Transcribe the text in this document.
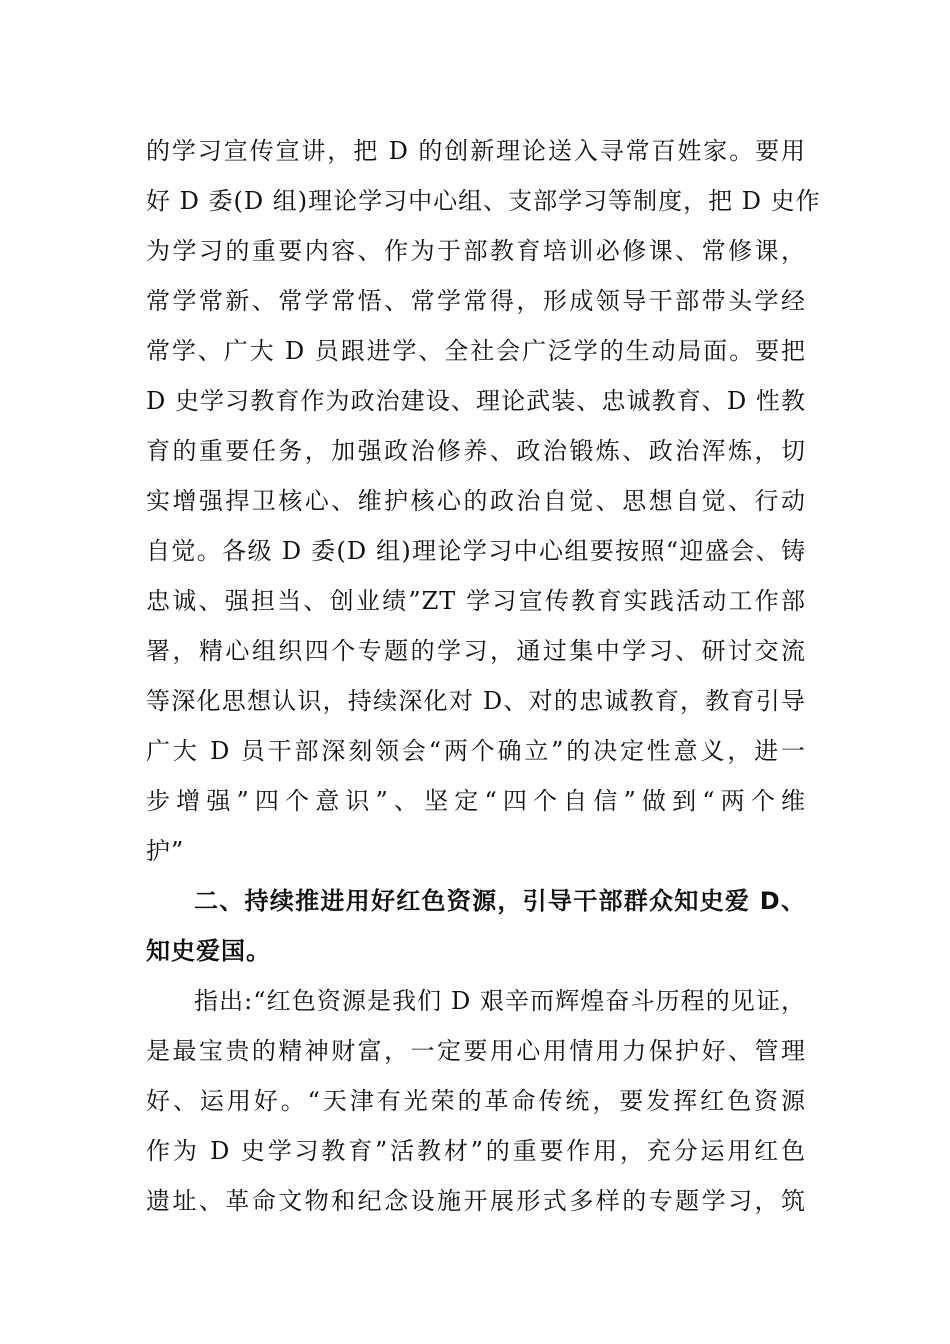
的学习宣传宣讲，把 D 的创新理论送入寻常百姓家。要用
好 D 委(D 组)理论学习中心组、支部学习等制度，把 D 史作
为学习的重要内容、作为于部教育培训必修课、常修课，
常学常新、常学常悟、常学常得，形成领导干部带头学经
常学、广大 D 员跟进学、全社会广泛学的生动局面。要把
D 史学习教育作为政治建设、理论武装、忠诚教育、D 性教
育的重要任务，加强政治修养、政治锻炼、政治浑炼，切
实增强捍卫核心、维护核心的政治自觉、思想自觉、行动
自觉。各级 D 委(D 组)理论学习中心组要按照“迎盛会、铸
忠诚、强担当、创业绩”ZT 学习宣传教育实践活动工作部
署，精心组织四个专题的学习，通过集中学习、研讨交流
等深化思想认识，持续深化对 D、对的忠诚教育，教育引导
广大 D 员干部深刻领会“两个确立”的决定性意义，进一
步增强”四个意识”、坚定“四个自信”做到“两个维
护”
二、持续推进用好红色资源，引导干部群众知史爱 D、
知史爱国。
指出:“红色资源是我们 D 艰辛而辉煌奋斗历程的见证，
是最宝贵的精神财富，一定要用心用情用力保护好、管理
好、运用好。“天津有光荣的革命传统，要发挥红色资源
作为 D 史学习教育”活教材”的重要作用，充分运用红色
遗址、革命文物和纪念设施开展形式多样的专题学习，筑
